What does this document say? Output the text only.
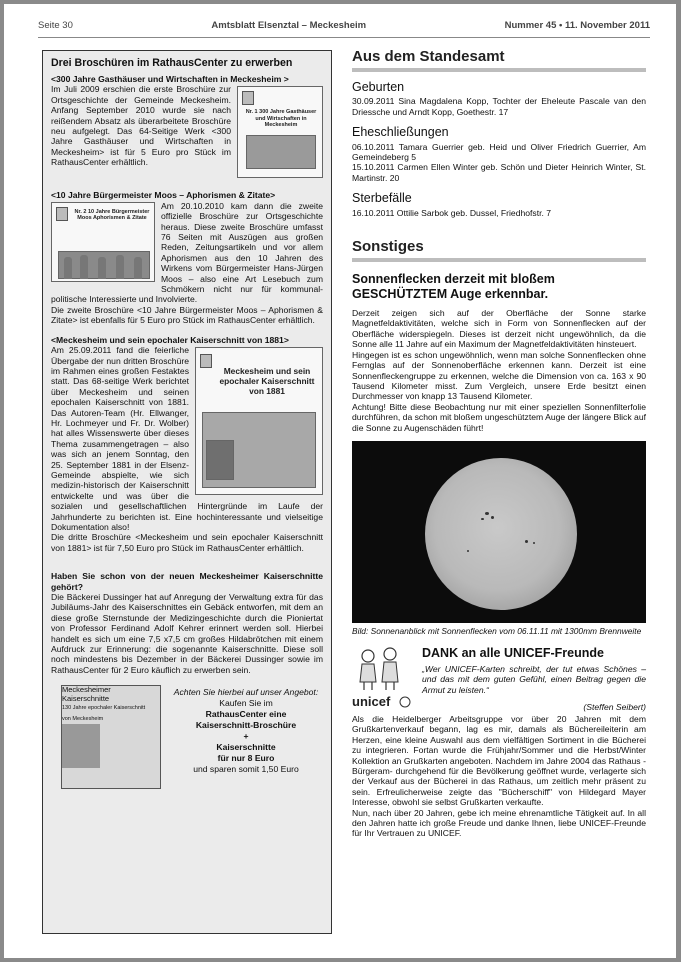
Seite 30	Amtsblatt Elsenztal – Meckesheim	Nummer 45 • 11. November 2011
Drei Broschüren im RathausCenter zu erwerben

<300 Jahre Gasthäuser und Wirtschaften in Meckesheim >

Nr. 1 300 Jahre Gasthäuser und Wirtschaften in Meckesheim

Im Juli 2009 erschien die erste Broschüre zur Ortsgeschichte der Gemeinde Meckesheim. Anfang September 2010 wurde sie nach reißendem Absatz als überarbeitete Broschüre neu aufgelegt. Das 64-Seitige Werk <300 Jahre Gasthäuser und Wirtschaften in Meckesheim> ist für 5 Euro pro Stück im RathausCenter erhältlich.

<10 Jahre Bürgermeister Moos – Aphorismen & Zitate>

Nr. 2 10 Jahre Bürgermeister Moos Aphorismen & Zitate

Am 20.10.2010 kam dann die zweite offizielle Broschüre zur Ortsgeschichte heraus. Diese zweite Broschüre umfasst 76 Seiten mit Auszügen aus großen Reden, Zeitungsartikeln und vor allem Aphorismen aus den 10 Jahren des Wirkens vom Bürgermeister Hans-Jürgen Moos – also eine Art Lesebuch zum Schmökern nicht nur für kommunal-politische Interessierte und Involvierte.

Die zweite Broschüre <10 Jahre Bürgermeister Moos – Aphorismen & Zitate> ist ebenfalls für 5 Euro pro Stück im RathausCenter erhältlich.

<Meckesheim und sein epochaler Kaiserschnitt von 1881>

Meckesheim und sein epochaler Kaiserschnitt von 1881

Am 25.09.2011 fand die feierliche Übergabe der nun dritten Broschüre im Rahmen eines großen Festaktes statt. Das 68-seitige Werk berichtet über Meckesheim und seinen epochalen Kaiserschnitt von 1881. Das Autoren-Team (Hr. Ellwanger, Hr. Lochmeyer und Fr. Dr. Wolber) hat alles Wissenswerte über dieses Thema zusammengetragen – also was sich an jenem Sonntag, den 25. September 1881 in der Elsenz-Gemeinde abspielte, wie sich medizin-historisch der Kaiserschnitt entwickelte und was über die sozialen und gesellschaftlichen Hintergründe im Laufe der Jahrhunderte zu berichten ist. Eine hochinteressante und vielseitige Dokumentation also!

Die dritte Broschüre <Meckesheim und sein epochaler Kaiserschnitt von 1881> ist für 7,50 Euro pro Stück im RathausCenter erhältlich.

Haben Sie schon von der neuen Meckesheimer Kaiserschnitte gehört?

Die Bäckerei Dussinger hat auf Anregung der Verwaltung extra für das Jubiläums-Jahr des Kaiserschnittes ein Gebäck entworfen, mit dem an diese große Sternstunde der Medizingeschichte durch die Pioniertat von Professor Ferdinand Adolf Kehrer erinnert werden soll. Hierbei handelt es sich um eine 7,5 x7,5 cm großes Hildabrötchen mit einem Aufdruck zur Erinnerung: die sogenannte Kaiserschnitte. Diese soll noch mindestens bis Dezember in der Bäckerei Dussinger sowie im RathausCenter für 2 Euro käuflich zu erwerben sein.

Meckesheimer Kaiserschnitte
130 Jahre epochaler Kaiserschnitt von Meckesheim
Achten Sie hierbei auf unser Angebot:
Kaufen Sie im
RathausCenter eine
Kaiserschnitt-Broschüre
+
Kaiserschnitte
für nur 8 Euro
und sparen somit 1,50 Euro
Aus dem Standesamt
Geburten

30.09.2011 Sina Magdalena Kopp, Tochter der Eheleute Pascale van den Driessche und Arndt Kopp, Goethestr. 17

Eheschließungen

06.10.2011 Tamara Guerrier geb. Heid und Oliver Friedrich Guerrier, Am Gemeindeberg 5

15.10.2011 Carmen Ellen Winter geb. Schön und Dieter Heinrich Winter, St. Martinstr. 20

Sterbefälle

16.10.2011 Ottilie Sarbok geb. Dussel, Friedhofstr. 7

Sonstiges
Sonnenflecken derzeit mit bloßem GESCHÜTZTEM Auge erkennbar.

Derzeit zeigen sich auf der Oberfläche der Sonne starke Magnetfeldaktivitäten, welche sich in Form von Sonnenflecken auf der Oberfläche widerspiegeln. Dieses ist derzeit nicht ungewöhnlich, da die Sonne alle 11 Jahre auf ein Maximum der Magnetfeldaktivitäten hinsteuert.

Hingegen ist es schon ungewöhnlich, wenn man solche Sonnenflecken ohne Fernglas auf der Sonnenoberfläche erkennen kann. Derzeit ist eine Sonnenfleckengruppe zu erkennen, welche die Dimension von ca. 163 x 90 Tausend Kilometer misst. Zum Vergleich, unsere Erde besitzt einen Durchmesser von knapp 13 Tausend Kilometer.

Achtung! Bitte diese Beobachtung nur mit einer speziellen Sonnenfilterfolie durchführen, da schon mit bloßem ungeschütztem Auge der längere Blick auf die Sonne zu Augenschäden führt!

Bild: Sonnenanblick mit Sonnenflecken vom 06.11.11 mit 1300mm Brennweite
unicef
DANK an alle UNICEF-Freunde
„Wer UNICEF-Karten schreibt, der tut etwas Schönes – und das mit dem guten Gefühl, einen Beitrag gegen die Armut zu leisten.“
(Steffen Seibert)

Als die Heidelberger Arbeitsgruppe vor über 20 Jahren mit dem Grußkartenverkauf begann, lag es mir, damals als Büchereileiterin am Herzen, eine kleine Auswahl aus dem vielfältigen Sortiment in die Bücherei zu integrieren. Fortan wurde die Frühjahr/Sommer und die Herbst/Winter Kollektion an Grußkarten angeboten. Nachdem im Jahre 2004 das Rathaus -Bürgeram- durchgehend für die Bevölkerung geöffnet wurde, verlagerte sich der Verkauf aus der Bücherei in das Rathaus, um zeitlich mehr präsent zu sein. Erfreulicherweise zeigte das "Bücherschiff" von Hildegard Mayer Interesse, obwohl sie selbst Grußkarten verkaufte.

Nun, nach über 20 Jahren, gebe ich meine ehrenamtliche Tätigkeit auf. In all den Jahren hatte ich große Freude und danke Ihnen, liebe UNICEF-Freunde für Ihr Vertrauen zu UNICEF.
